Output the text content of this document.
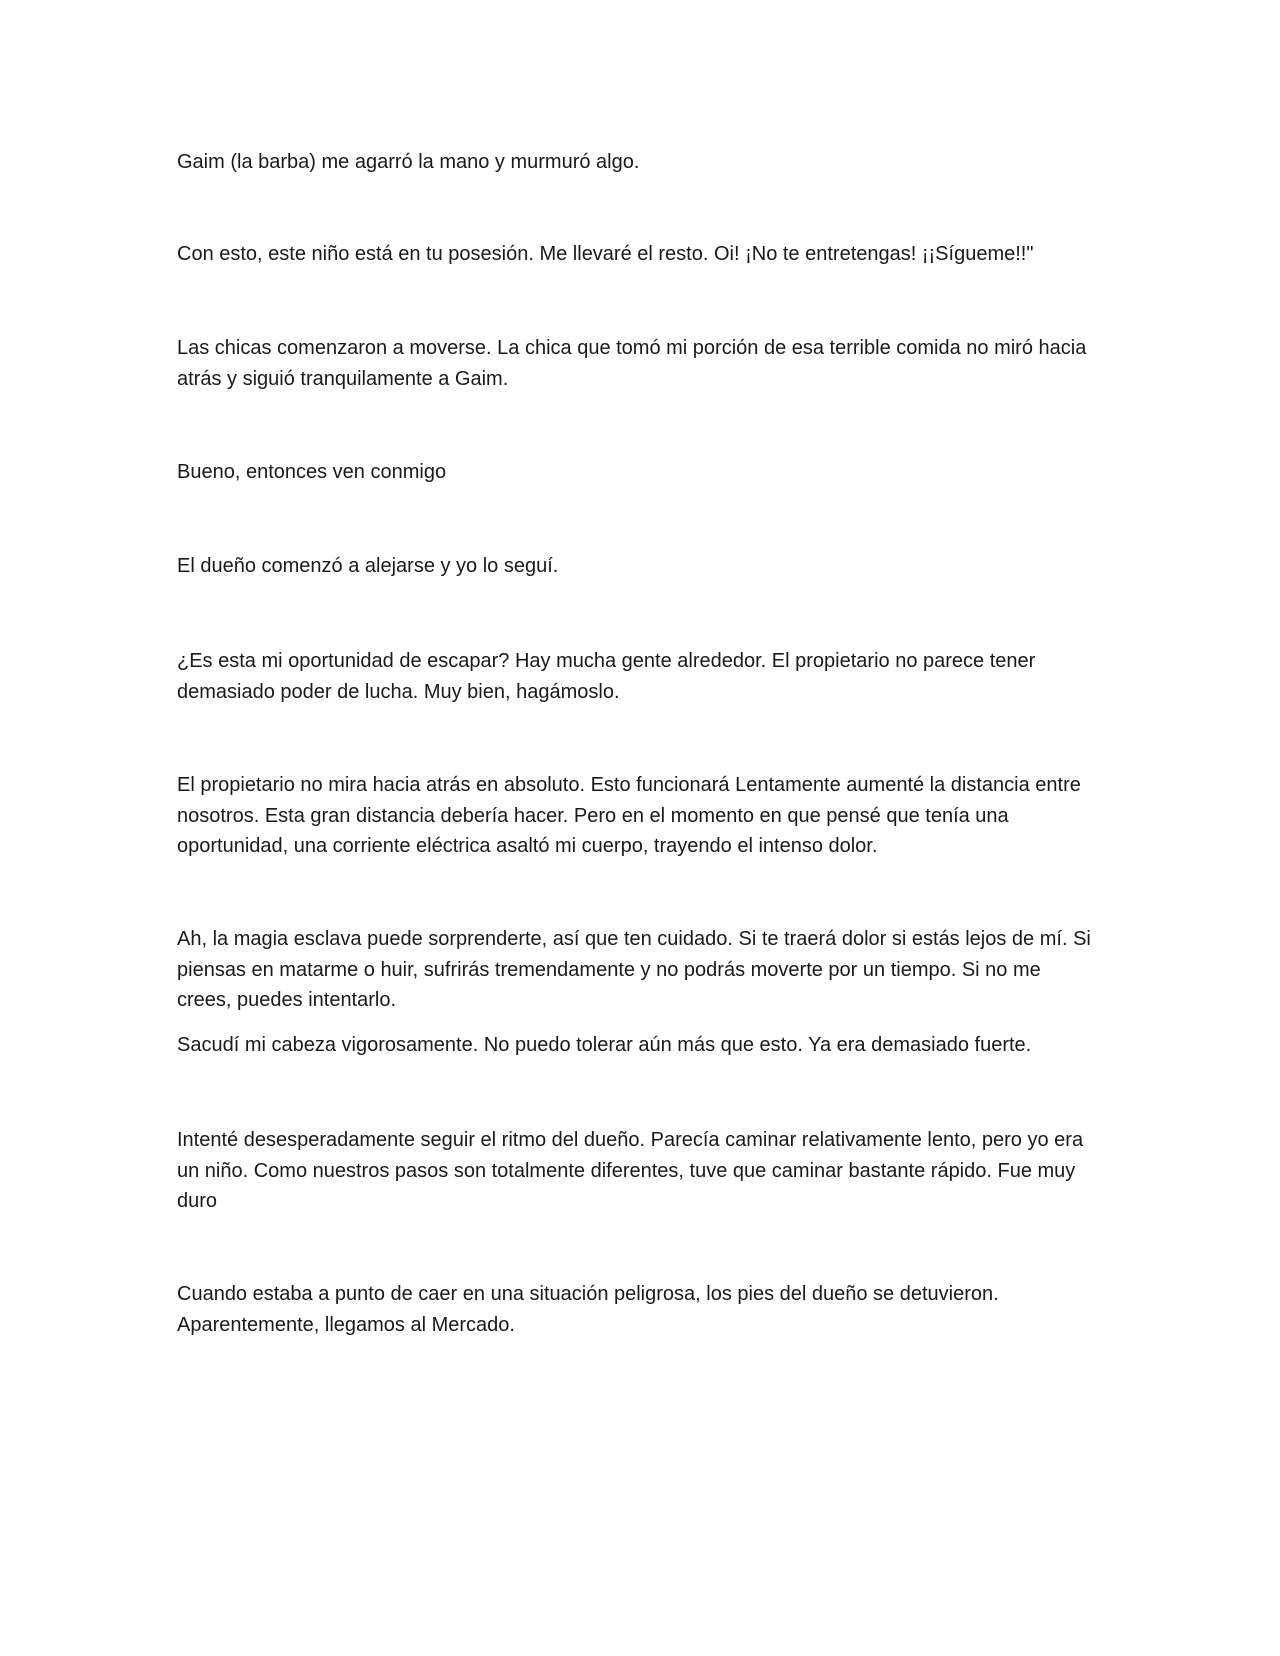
Gaim (la barba) me agarró la mano y murmuró algo.

Con esto, este niño está en tu posesión. Me llevaré el resto. Oi! ¡No te entretengas! ¡¡Sígueme!!"

Las chicas comenzaron a moverse. La chica que tomó mi porción de esa terrible comida no miró hacia atrás y siguió tranquilamente a Gaim.

Bueno, entonces ven conmigo

El dueño comenzó a alejarse y yo lo seguí.

¿Es esta mi oportunidad de escapar? Hay mucha gente alrededor. El propietario no parece tener demasiado poder de lucha. Muy bien, hagámoslo.

El propietario no mira hacia atrás en absoluto. Esto funcionará Lentamente aumenté la distancia entre nosotros. Esta gran distancia debería hacer. Pero en el momento en que pensé que tenía una oportunidad, una corriente eléctrica asaltó mi cuerpo, trayendo el intenso dolor.

Ah, la magia esclava puede sorprenderte, así que ten cuidado. Si te traerá dolor si estás lejos de mí. Si piensas en matarme o huir, sufrirás tremendamente y no podrás moverte por un tiempo. Si no me crees, puedes intentarlo.

Sacudí mi cabeza vigorosamente. No puedo tolerar aún más que esto. Ya era demasiado fuerte.

Intenté desesperadamente seguir el ritmo del dueño. Parecía caminar relativamente lento, pero yo era un niño. Como nuestros pasos son totalmente diferentes, tuve que caminar bastante rápido. Fue muy duro

Cuando estaba a punto de caer en una situación peligrosa, los pies del dueño se detuvieron. Aparentemente, llegamos al Mercado.
